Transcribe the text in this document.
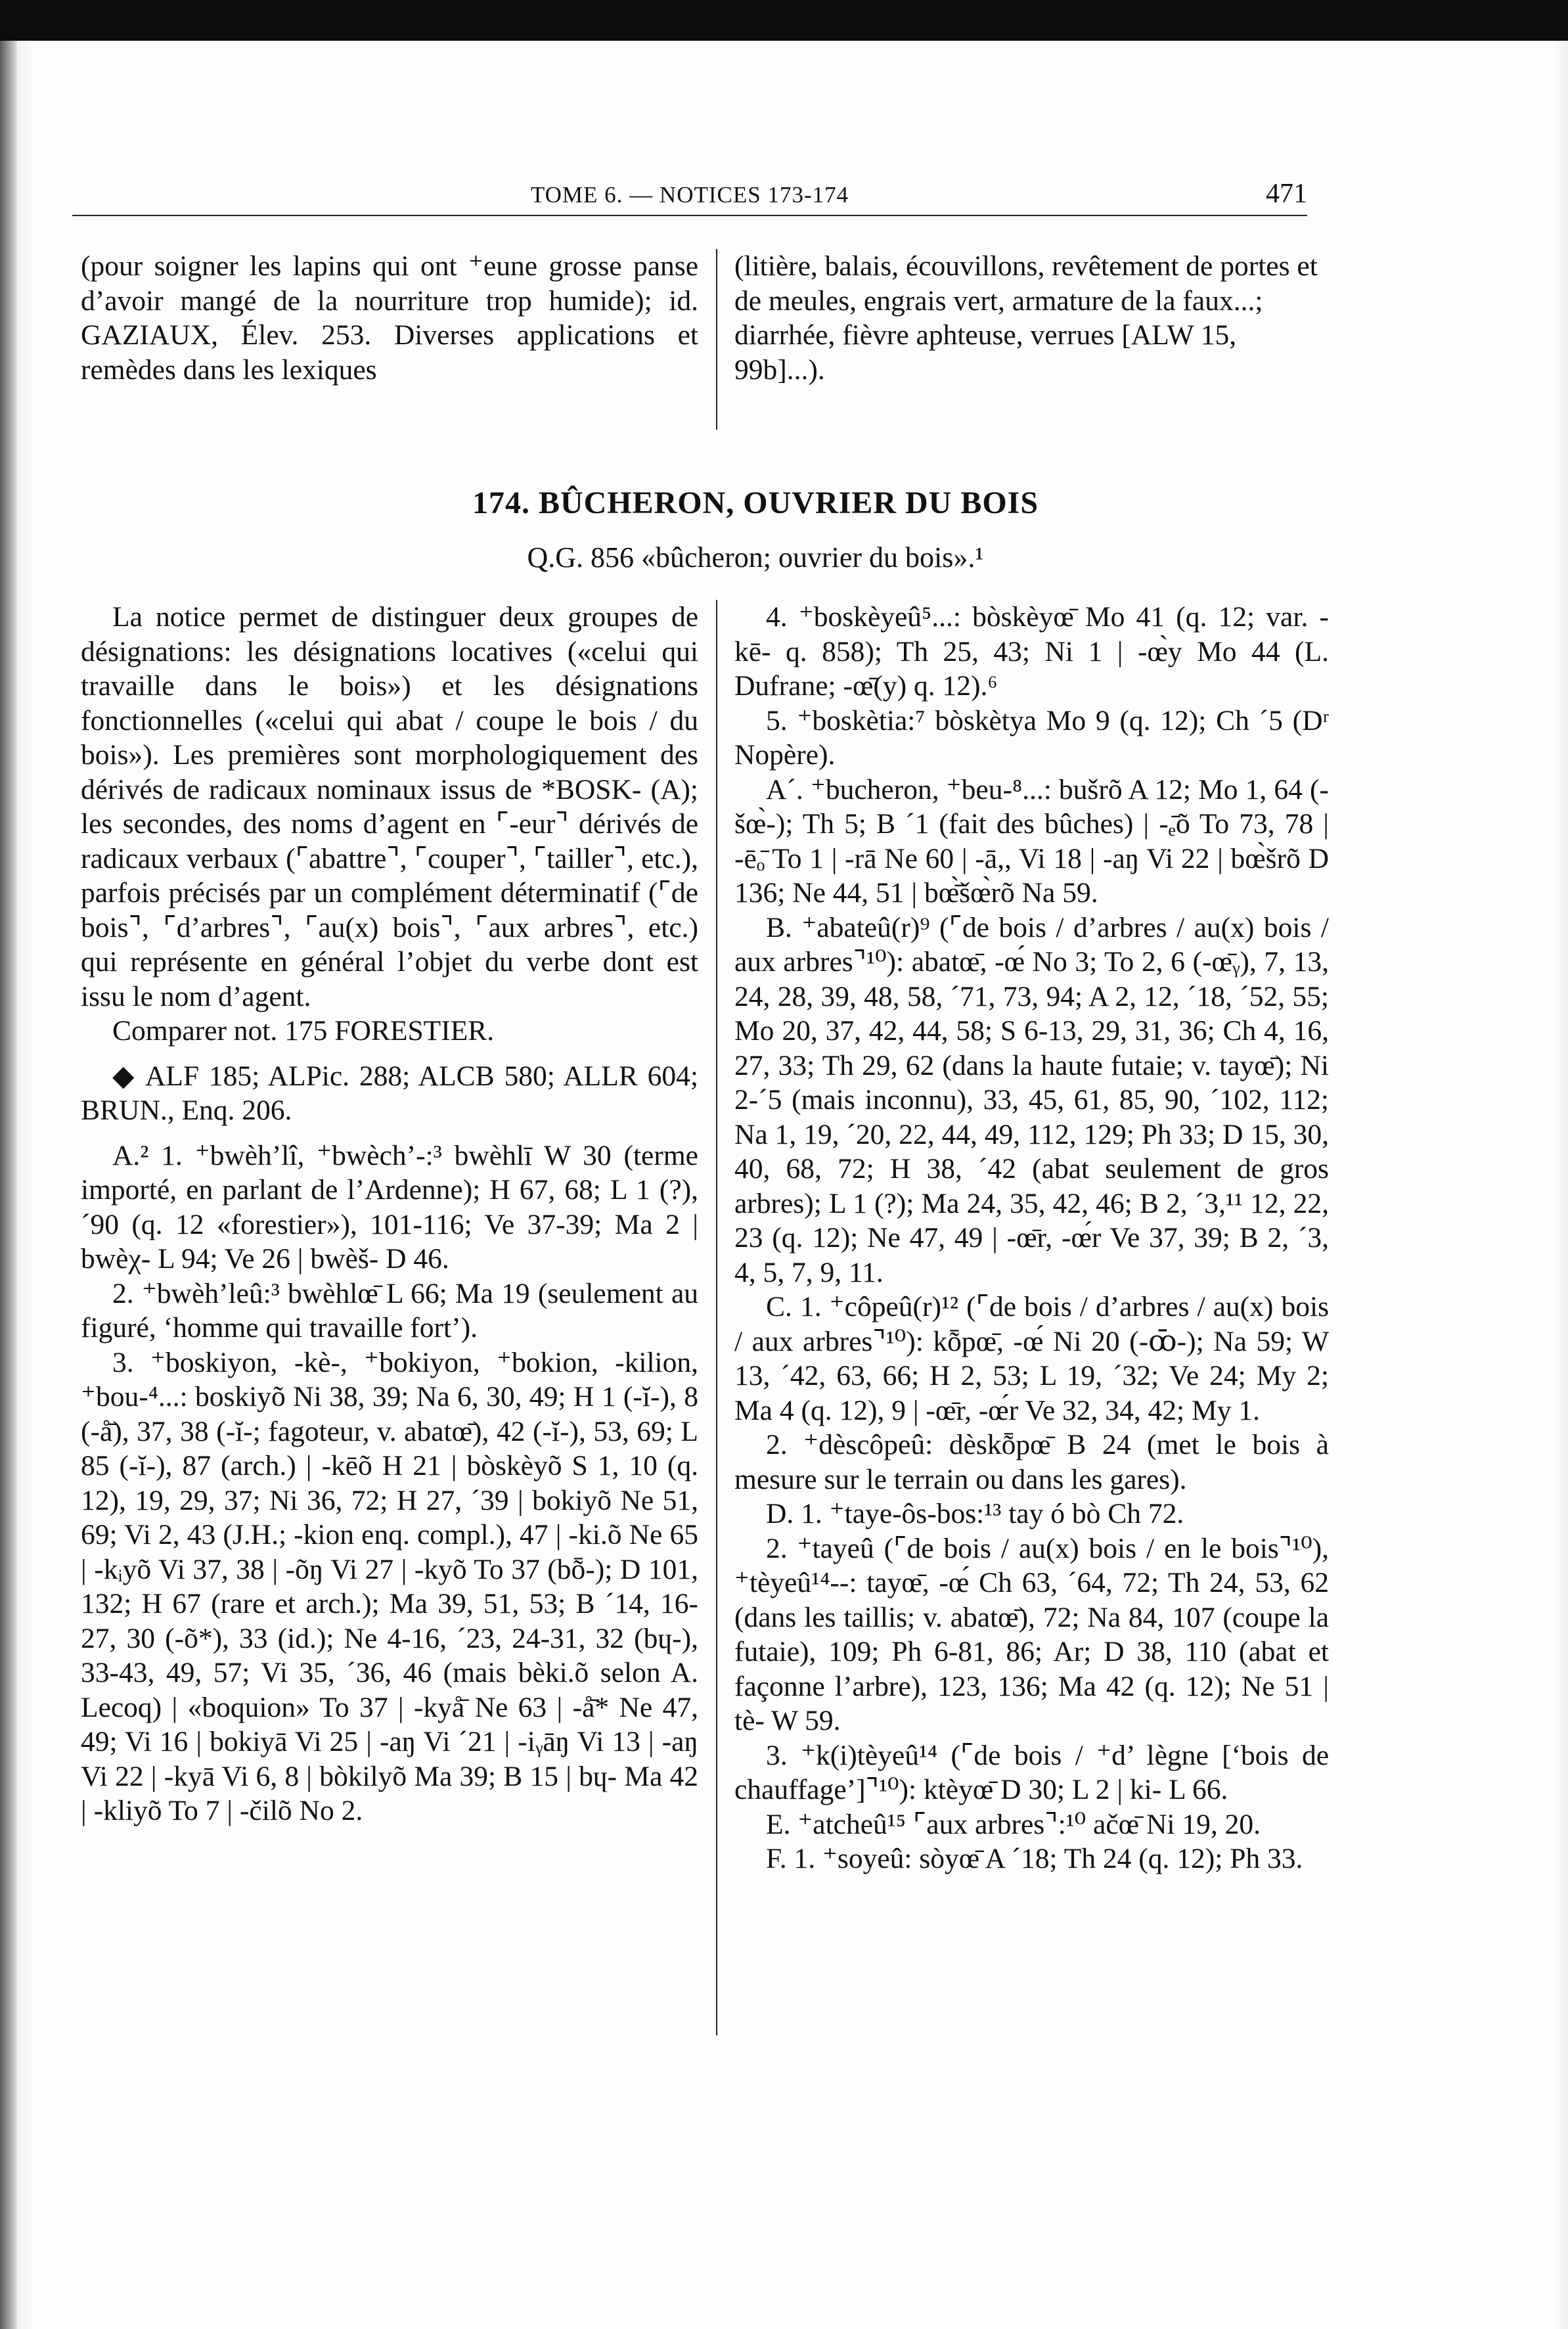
TOME 6. — NOTICES 173-174	471

(pour soigner les lapins qui ont ⁺eune grosse panse d’avoir mangé de la nourriture trop humide); id. GAZIAUX, Élev. 253. Diverses applications et remèdes dans les lexiques

(litière, balais, écouvillons, revêtement de portes et de meules, engrais vert, armature de la faux...; diarrhée, fièvre aphteuse, verrues [ALW 15, 99b]...).

174. BÛCHERON, OUVRIER DU BOIS
Q.G. 856 «bûcheron; ouvrier du bois».¹

La notice permet de distinguer deux groupes de désignations: les désignations locatives («celui qui travaille dans le bois») et les désignations fonctionnelles («celui qui abat / coupe le bois / du bois»). Les premières sont morphologiquement des dérivés de radicaux nominaux issus de *BOSK- (A); les secondes, des noms d’agent en ⌜-eur⌝ dérivés de radicaux verbaux (⌜abattre⌝, ⌜couper⌝, ⌜tailler⌝, etc.), parfois précisés par un complément déterminatif (⌜de bois⌝, ⌜d’arbres⌝, ⌜au(x) bois⌝, ⌜aux arbres⌝, etc.) qui représente en général l’objet du verbe dont est issu le nom d’agent.

Comparer not. 175 FORESTIER.

◆ ALF 185; ALPic. 288; ALCB 580; ALLR 604; BRUN., Enq. 206.

A.² 1. ⁺bwèh’lî, ⁺bwèch’-:³ bwèhlī W 30 (terme importé, en parlant de l’Ardenne); H 67, 68; L 1 (?), ´90 (q. 12 «forestier»), 101-116; Ve 37-39; Ma 2 | bwèχ- L 94; Ve 26 | bwèš- D 46.

2. ⁺bwèh’leû:³ bwèhlœ̄ L 66; Ma 19 (seulement au figuré, ‘homme qui travaille fort’).

3. ⁺boskiyon, -kè-, ⁺bokiyon, ⁺bokion, -kilion, ⁺bou-⁴...: boskiyõ Ni 38, 39; Na 6, 30, 49; H 1 (-ĭ-), 8 (-å̄), 37, 38 (-ĭ-; fagoteur, v. abatœ̄), 42 (-ĭ-), 53, 69; L 85 (-ĭ-), 87 (arch.) | -kēõ H 21 | bòskèyõ S 1, 10 (q. 12), 19, 29, 37; Ni 36, 72; H 27, ´39 | bokiyõ Ne 51, 69; Vi 2, 43 (J.H.; -kion enq. compl.), 47 | -ki.õ Ne 65 | -kᵢyõ Vi 37, 38 | -õŋ Vi 27 | -kyõ To 37 (bȭ-); D 101, 132; H 67 (rare et arch.); Ma 39, 51, 53; B ´14, 16-27, 30 (-õ*), 33 (id.); Ne 4-16, ´23, 24-31, 32 (bɥ-), 33-43, 49, 57; Vi 35, ´36, 46 (mais bèki.õ selon A. Lecoq) | «boquion» To 37 | -kyå̄ Ne 63 | -å̄* Ne 47, 49; Vi 16 | bokiyā Vi 25 | -aŋ Vi ´21 | -iᵧāŋ Vi 13 | -aŋ Vi 22 | -kyā Vi 6, 8 | bòkilyõ Ma 39; B 15 | bɥ- Ma 42 | -kliyõ To 7 | -čilõ No 2.

4. ⁺boskèyeû⁵...: bòskèyœ̄ Mo 41 (q. 12; var. -kē- q. 858); Th 25, 43; Ni 1 | -œ̀y Mo 44 (L. Dufrane; -œ̄(y) q. 12).⁶

5. ⁺boskètia:⁷ bòskètya Mo 9 (q. 12); Ch ´5 (Dʳ Nopère).

A´. ⁺bucheron, ⁺beu-⁸...: bušrõ A 12; Mo 1, 64 (-šœ̀-); Th 5; B ´1 (fait des bûches) | -ₑ̄õ To 73, 78 | -ēₒ̄ To 1 | -rā Ne 60 | -ā,, Vi 18 | -aŋ Vi 22 | bœ̀šrõ D 136; Ne 44, 51 | bœ̄̀šœ̀rõ Na 59.

B. ⁺abateû(r)⁹ (⌜de bois / d’arbres / au(x) bois / aux arbres⌝¹⁰): abatœ̄, -œ́ No 3; To 2, 6 (-œ̄ᵧ), 7, 13, 24, 28, 39, 48, 58, ´71, 73, 94; A 2, 12, ´18, ´52, 55; Mo 20, 37, 42, 44, 58; S 6-13, 29, 31, 36; Ch 4, 16, 27, 33; Th 29, 62 (dans la haute futaie; v. tayœ̄); Ni 2-´5 (mais inconnu), 33, 45, 61, 85, 90, ´102, 112; Na 1, 19, ´20, 22, 44, 49, 112, 129; Ph 33; D 15, 30, 40, 68, 72; H 38, ´42 (abat seulement de gros arbres); L 1 (?); Ma 24, 35, 42, 46; B 2, ´3,¹¹ 12, 22, 23 (q. 12); Ne 47, 49 | -œ̄r, -œ́r Ve 37, 39; B 2, ´3, 4, 5, 7, 9, 11.

C. 1. ⁺côpeû(r)¹² (⌜de bois / d’arbres / au(x) bois / aux arbres⌝¹⁰): kȭpœ̄, -œ́ Ni 20 (-ꝏ̄-); Na 59; W 13, ´42, 63, 66; H 2, 53; L 19, ´32; Ve 24; My 2; Ma 4 (q. 12), 9 | -œ̄r, -œ́r Ve 32, 34, 42; My 1.

2. ⁺dèscôpeû: dèskȭpœ̄ B 24 (met le bois à mesure sur le terrain ou dans les gares).

D. 1. ⁺taye-ôs-bos:¹³ tay ó bò Ch 72.

2. ⁺tayeû (⌜de bois / au(x) bois / en le bois⌝¹⁰), ⁺tèyeû¹⁴--: tayœ̄, -œ́ Ch 63, ´64, 72; Th 24, 53, 62 (dans les taillis; v. abatœ̄), 72; Na 84, 107 (coupe la futaie), 109; Ph 6-81, 86; Ar; D 38, 110 (abat et façonne l’arbre), 123, 136; Ma 42 (q. 12); Ne 51 | tè- W 59.

3. ⁺k(i)tèyeû¹⁴ (⌜de bois / ⁺d’ lègne [‘bois de chauffage’]⌝¹⁰): ktèyœ̄ D 30; L 2 | ki- L 66.

E. ⁺atcheû¹⁵ ⌜aux arbres⌝:¹⁰ ačœ̄ Ni 19, 20.

F. 1. ⁺soyeû: sòyœ̄ A ´18; Th 24 (q. 12); Ph 33.
